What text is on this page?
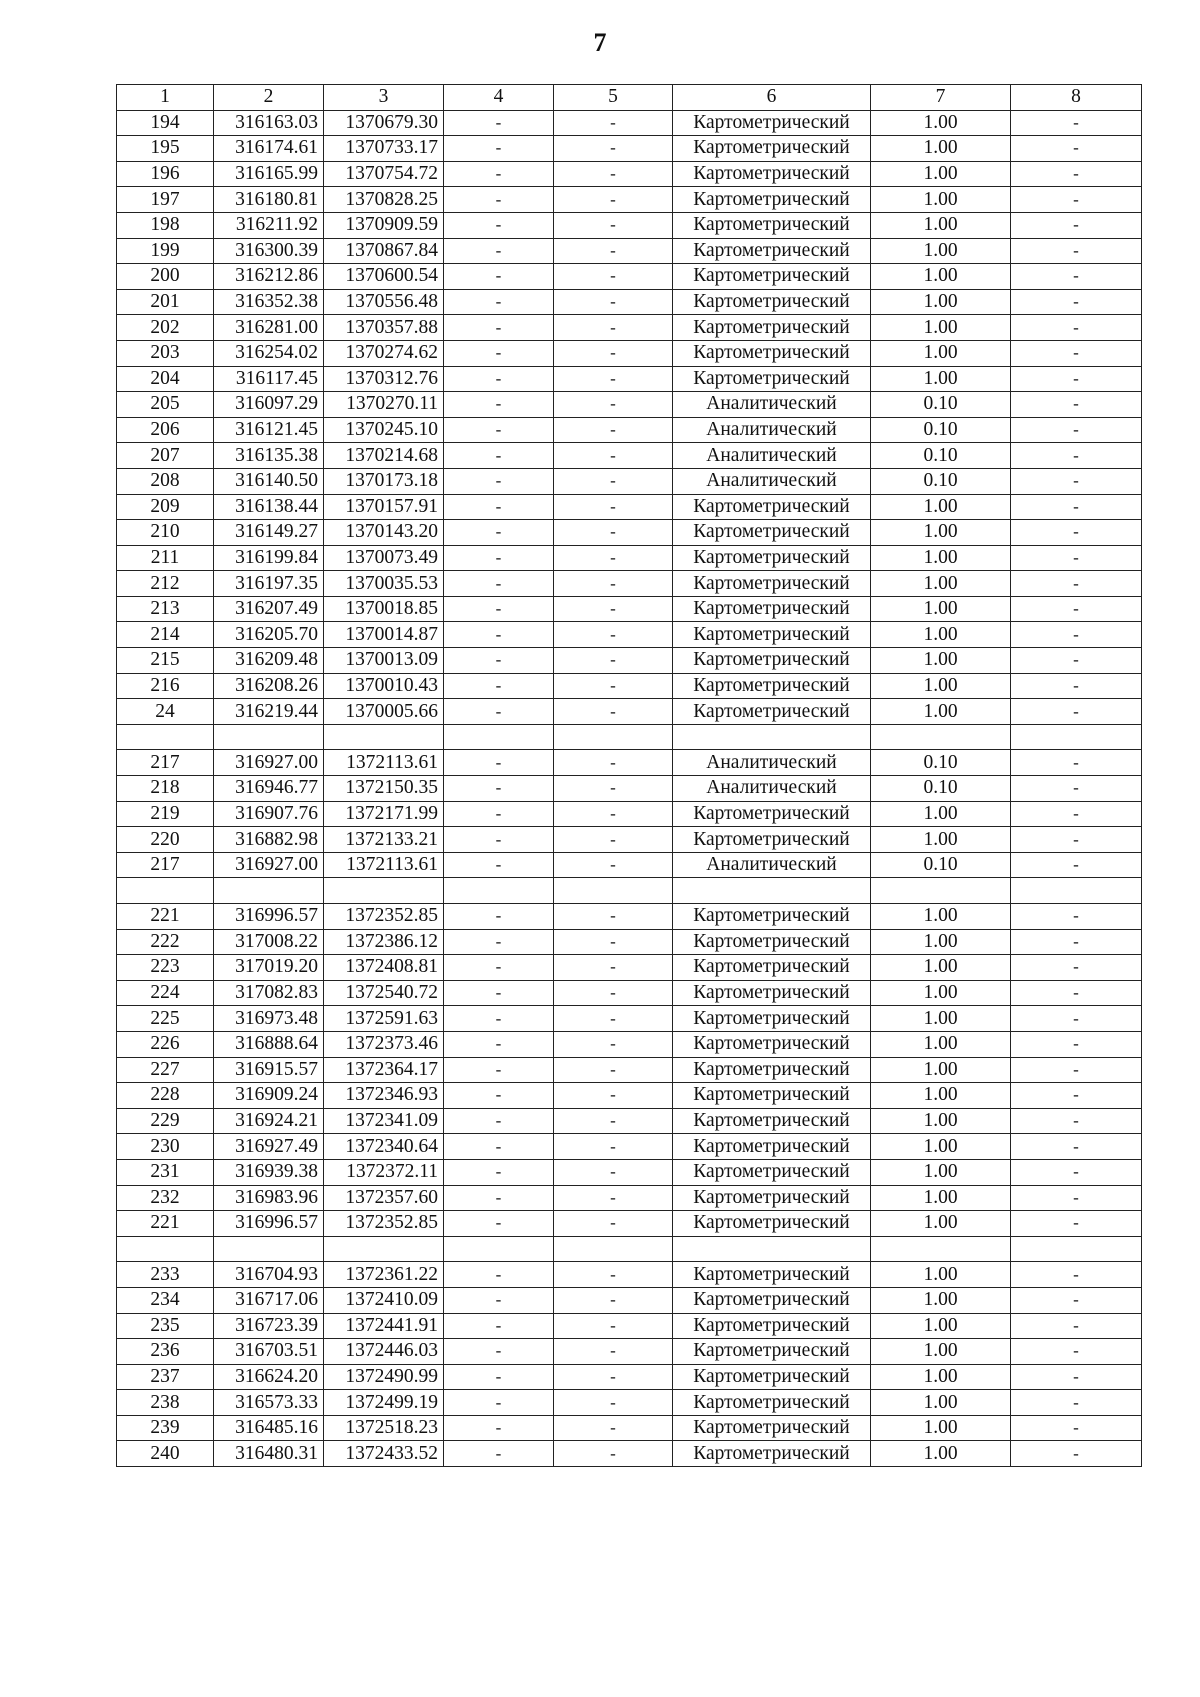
7
1	2	3	4	5	6	7	8
194	316163.03	1370679.30	-	-	Картометрический	1.00	-
195	316174.61	1370733.17	-	-	Картометрический	1.00	-
196	316165.99	1370754.72	-	-	Картометрический	1.00	-
197	316180.81	1370828.25	-	-	Картометрический	1.00	-
198	316211.92	1370909.59	-	-	Картометрический	1.00	-
199	316300.39	1370867.84	-	-	Картометрический	1.00	-
200	316212.86	1370600.54	-	-	Картометрический	1.00	-
201	316352.38	1370556.48	-	-	Картометрический	1.00	-
202	316281.00	1370357.88	-	-	Картометрический	1.00	-
203	316254.02	1370274.62	-	-	Картометрический	1.00	-
204	316117.45	1370312.76	-	-	Картометрический	1.00	-
205	316097.29	1370270.11	-	-	Аналитический	0.10	-
206	316121.45	1370245.10	-	-	Аналитический	0.10	-
207	316135.38	1370214.68	-	-	Аналитический	0.10	-
208	316140.50	1370173.18	-	-	Аналитический	0.10	-
209	316138.44	1370157.91	-	-	Картометрический	1.00	-
210	316149.27	1370143.20	-	-	Картометрический	1.00	-
211	316199.84	1370073.49	-	-	Картометрический	1.00	-
212	316197.35	1370035.53	-	-	Картометрический	1.00	-
213	316207.49	1370018.85	-	-	Картометрический	1.00	-
214	316205.70	1370014.87	-	-	Картометрический	1.00	-
215	316209.48	1370013.09	-	-	Картометрический	1.00	-
216	316208.26	1370010.43	-	-	Картометрический	1.00	-
24	316219.44	1370005.66	-	-	Картометрический	1.00	-

217	316927.00	1372113.61	-	-	Аналитический	0.10	-
218	316946.77	1372150.35	-	-	Аналитический	0.10	-
219	316907.76	1372171.99	-	-	Картометрический	1.00	-
220	316882.98	1372133.21	-	-	Картометрический	1.00	-
217	316927.00	1372113.61	-	-	Аналитический	0.10	-

221	316996.57	1372352.85	-	-	Картометрический	1.00	-
222	317008.22	1372386.12	-	-	Картометрический	1.00	-
223	317019.20	1372408.81	-	-	Картометрический	1.00	-
224	317082.83	1372540.72	-	-	Картометрический	1.00	-
225	316973.48	1372591.63	-	-	Картометрический	1.00	-
226	316888.64	1372373.46	-	-	Картометрический	1.00	-
227	316915.57	1372364.17	-	-	Картометрический	1.00	-
228	316909.24	1372346.93	-	-	Картометрический	1.00	-
229	316924.21	1372341.09	-	-	Картометрический	1.00	-
230	316927.49	1372340.64	-	-	Картометрический	1.00	-
231	316939.38	1372372.11	-	-	Картометрический	1.00	-
232	316983.96	1372357.60	-	-	Картометрический	1.00	-
221	316996.57	1372352.85	-	-	Картометрический	1.00	-

233	316704.93	1372361.22	-	-	Картометрический	1.00	-
234	316717.06	1372410.09	-	-	Картометрический	1.00	-
235	316723.39	1372441.91	-	-	Картометрический	1.00	-
236	316703.51	1372446.03	-	-	Картометрический	1.00	-
237	316624.20	1372490.99	-	-	Картометрический	1.00	-
238	316573.33	1372499.19	-	-	Картометрический	1.00	-
239	316485.16	1372518.23	-	-	Картометрический	1.00	-
240	316480.31	1372433.52	-	-	Картометрический	1.00	-
